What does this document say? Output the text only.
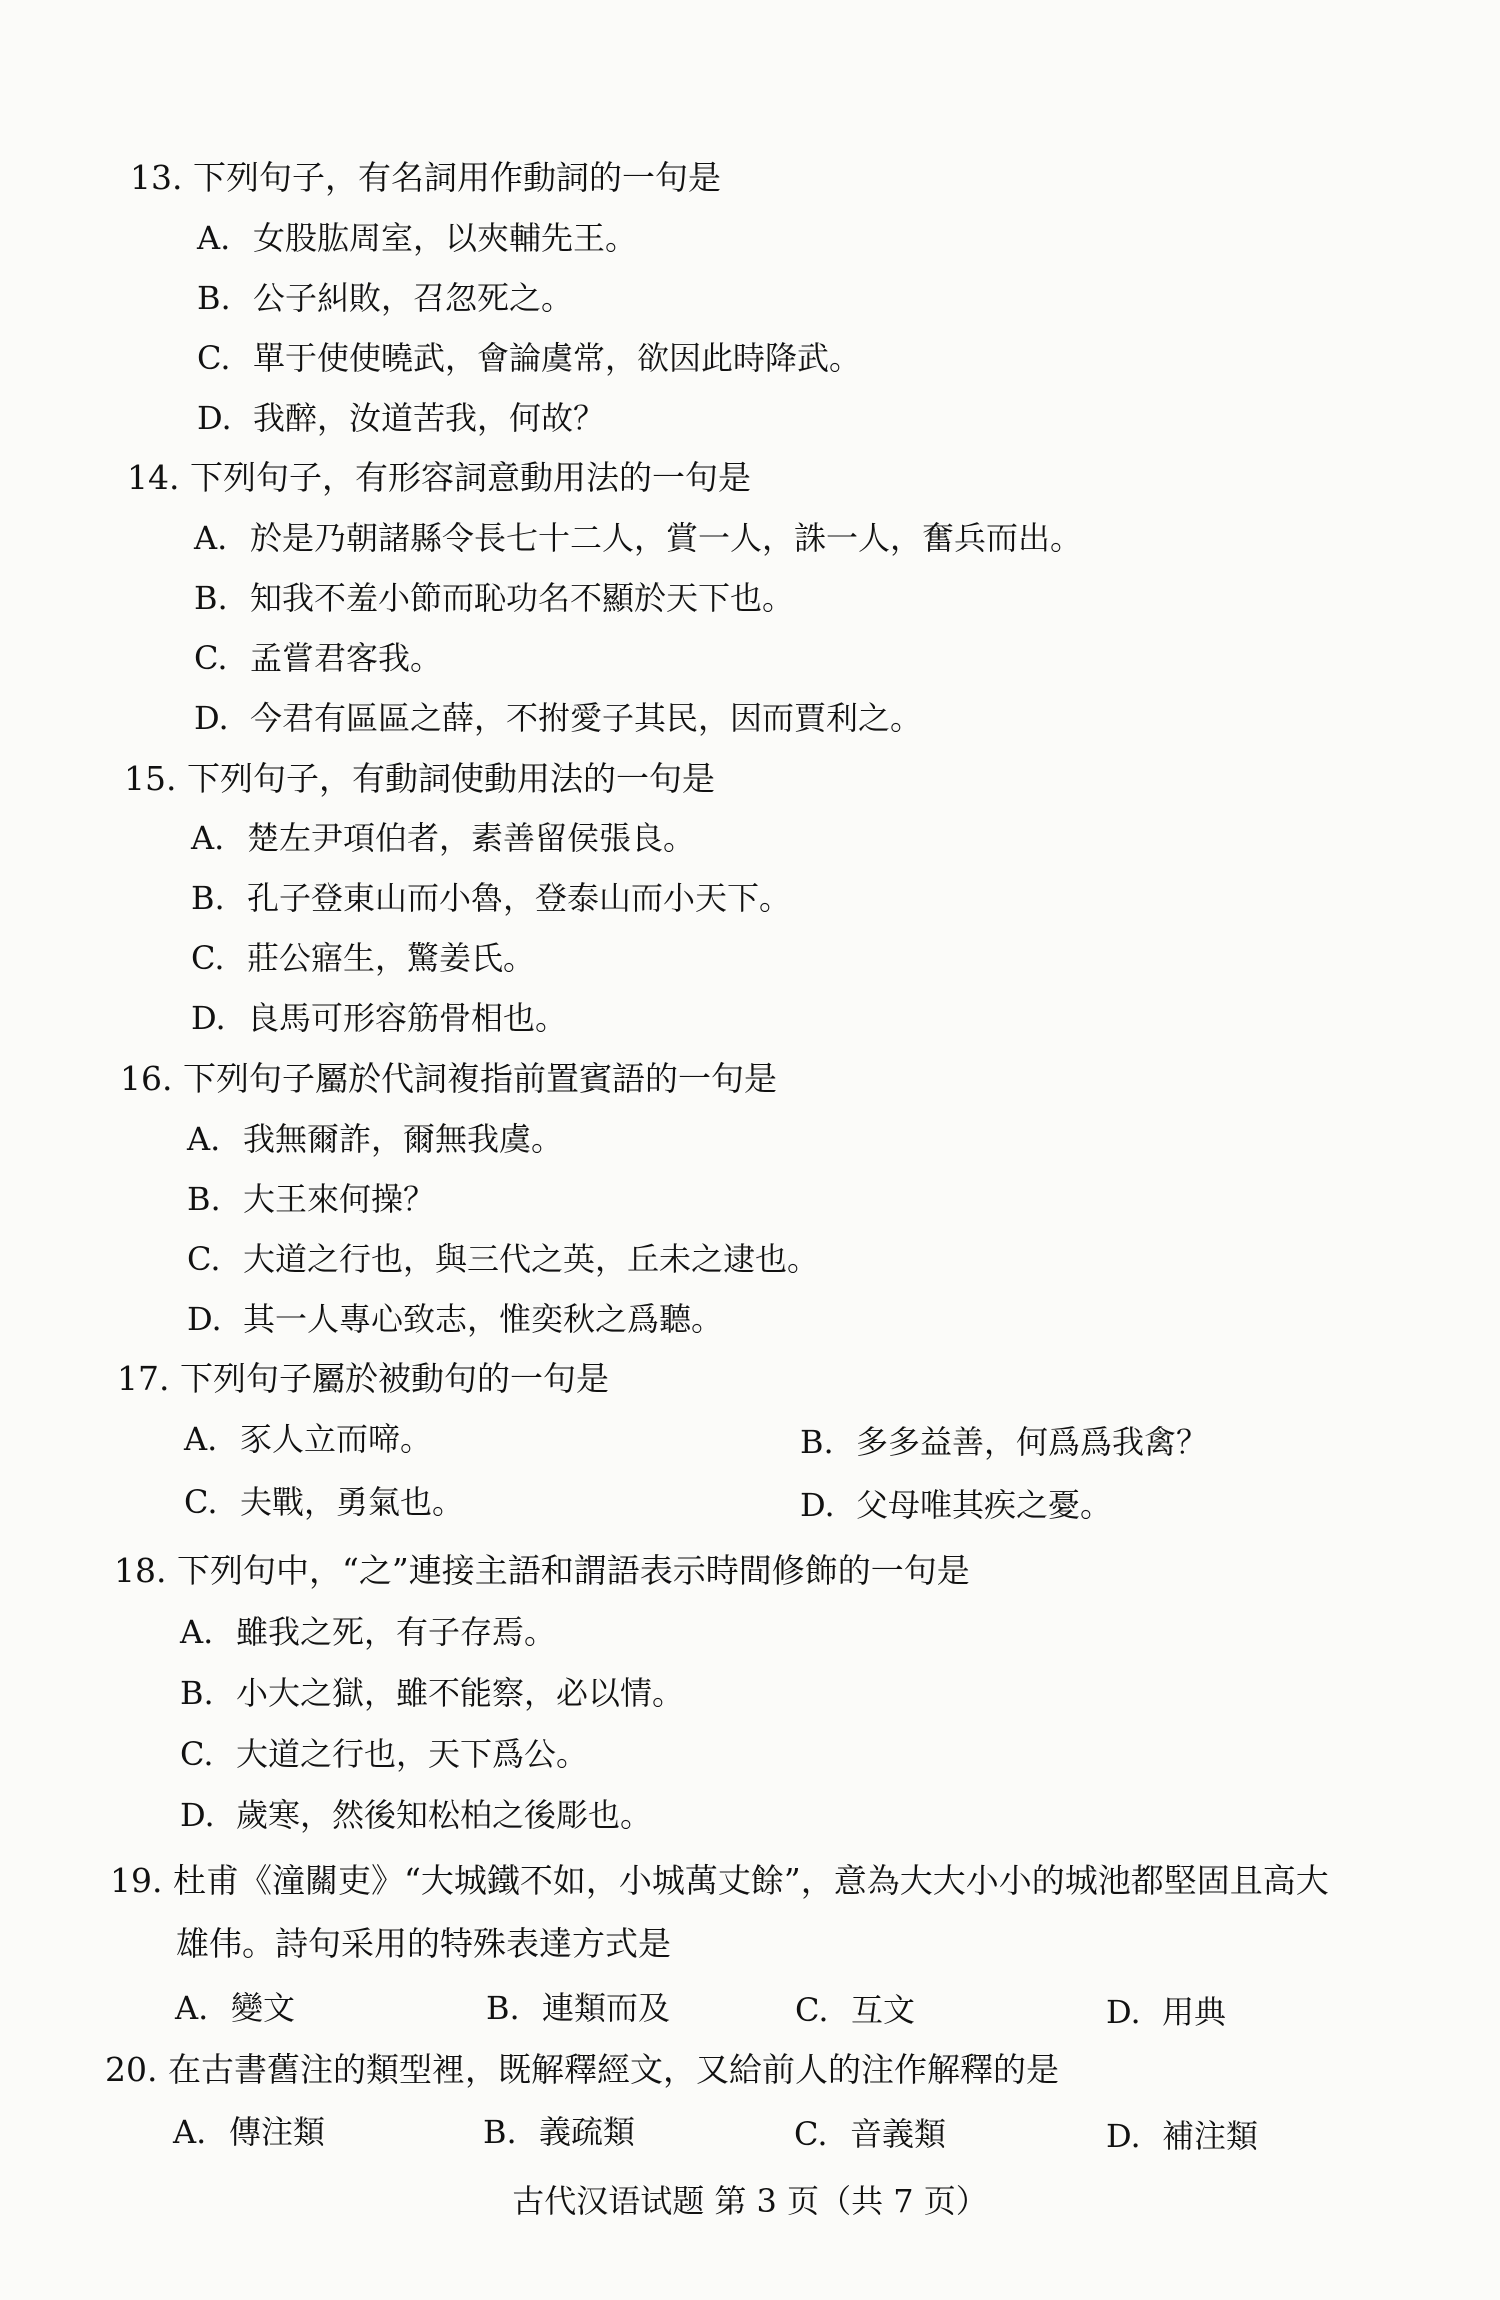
13. 下列句子，有名詞用作動詞的一句是
A. 女股肱周室，以夾輔先王。
B. 公子糾敗，召忽死之。
C. 單于使使曉武，會論虞常，欲因此時降武。
D. 我醉，汝道苦我，何故？
14. 下列句子，有形容詞意動用法的一句是
A. 於是乃朝諸縣令長七十二人，賞一人，誅一人，奮兵而出。
B. 知我不羞小節而恥功名不顯於天下也。
C. 孟嘗君客我。
D. 今君有區區之薛，不拊愛子其民，因而賈利之。
15. 下列句子，有動詞使動用法的一句是
A. 楚左尹項伯者，素善留侯張良。
B. 孔子登東山而小魯，登泰山而小天下。
C. 莊公寤生，驚姜氏。
D. 良馬可形容筋骨相也。
16. 下列句子屬於代詞複指前置賓語的一句是
A. 我無爾詐，爾無我虞。
B. 大王來何操？
C. 大道之行也，與三代之英，丘未之逮也。
D. 其一人專心致志，惟奕秋之爲聽。
17. 下列句子屬於被動句的一句是
A. 豕人立而啼。	B. 多多益善，何爲爲我禽？
C. 夫戰，勇氣也。	D. 父母唯其疾之憂。
18. 下列句中，“之”連接主語和謂語表示時間修飾的一句是
A. 雖我之死，有子存焉。
B. 小大之獄，雖不能察，必以情。
C. 大道之行也，天下爲公。
D. 歲寒，然後知松柏之後彫也。
19. 杜甫《潼關吏》“大城鐵不如，小城萬丈餘”，意為大大小小的城池都堅固且高大
雄伟。詩句采用的特殊表達方式是
A. 變文	B. 連類而及	C. 互文	D. 用典
20. 在古書舊注的類型裡，既解釋經文，又給前人的注作解釋的是
A. 傳注類	B. 義疏類	C. 音義類	D. 補注類
古代汉语试题 第 3 页（共 7 页）
